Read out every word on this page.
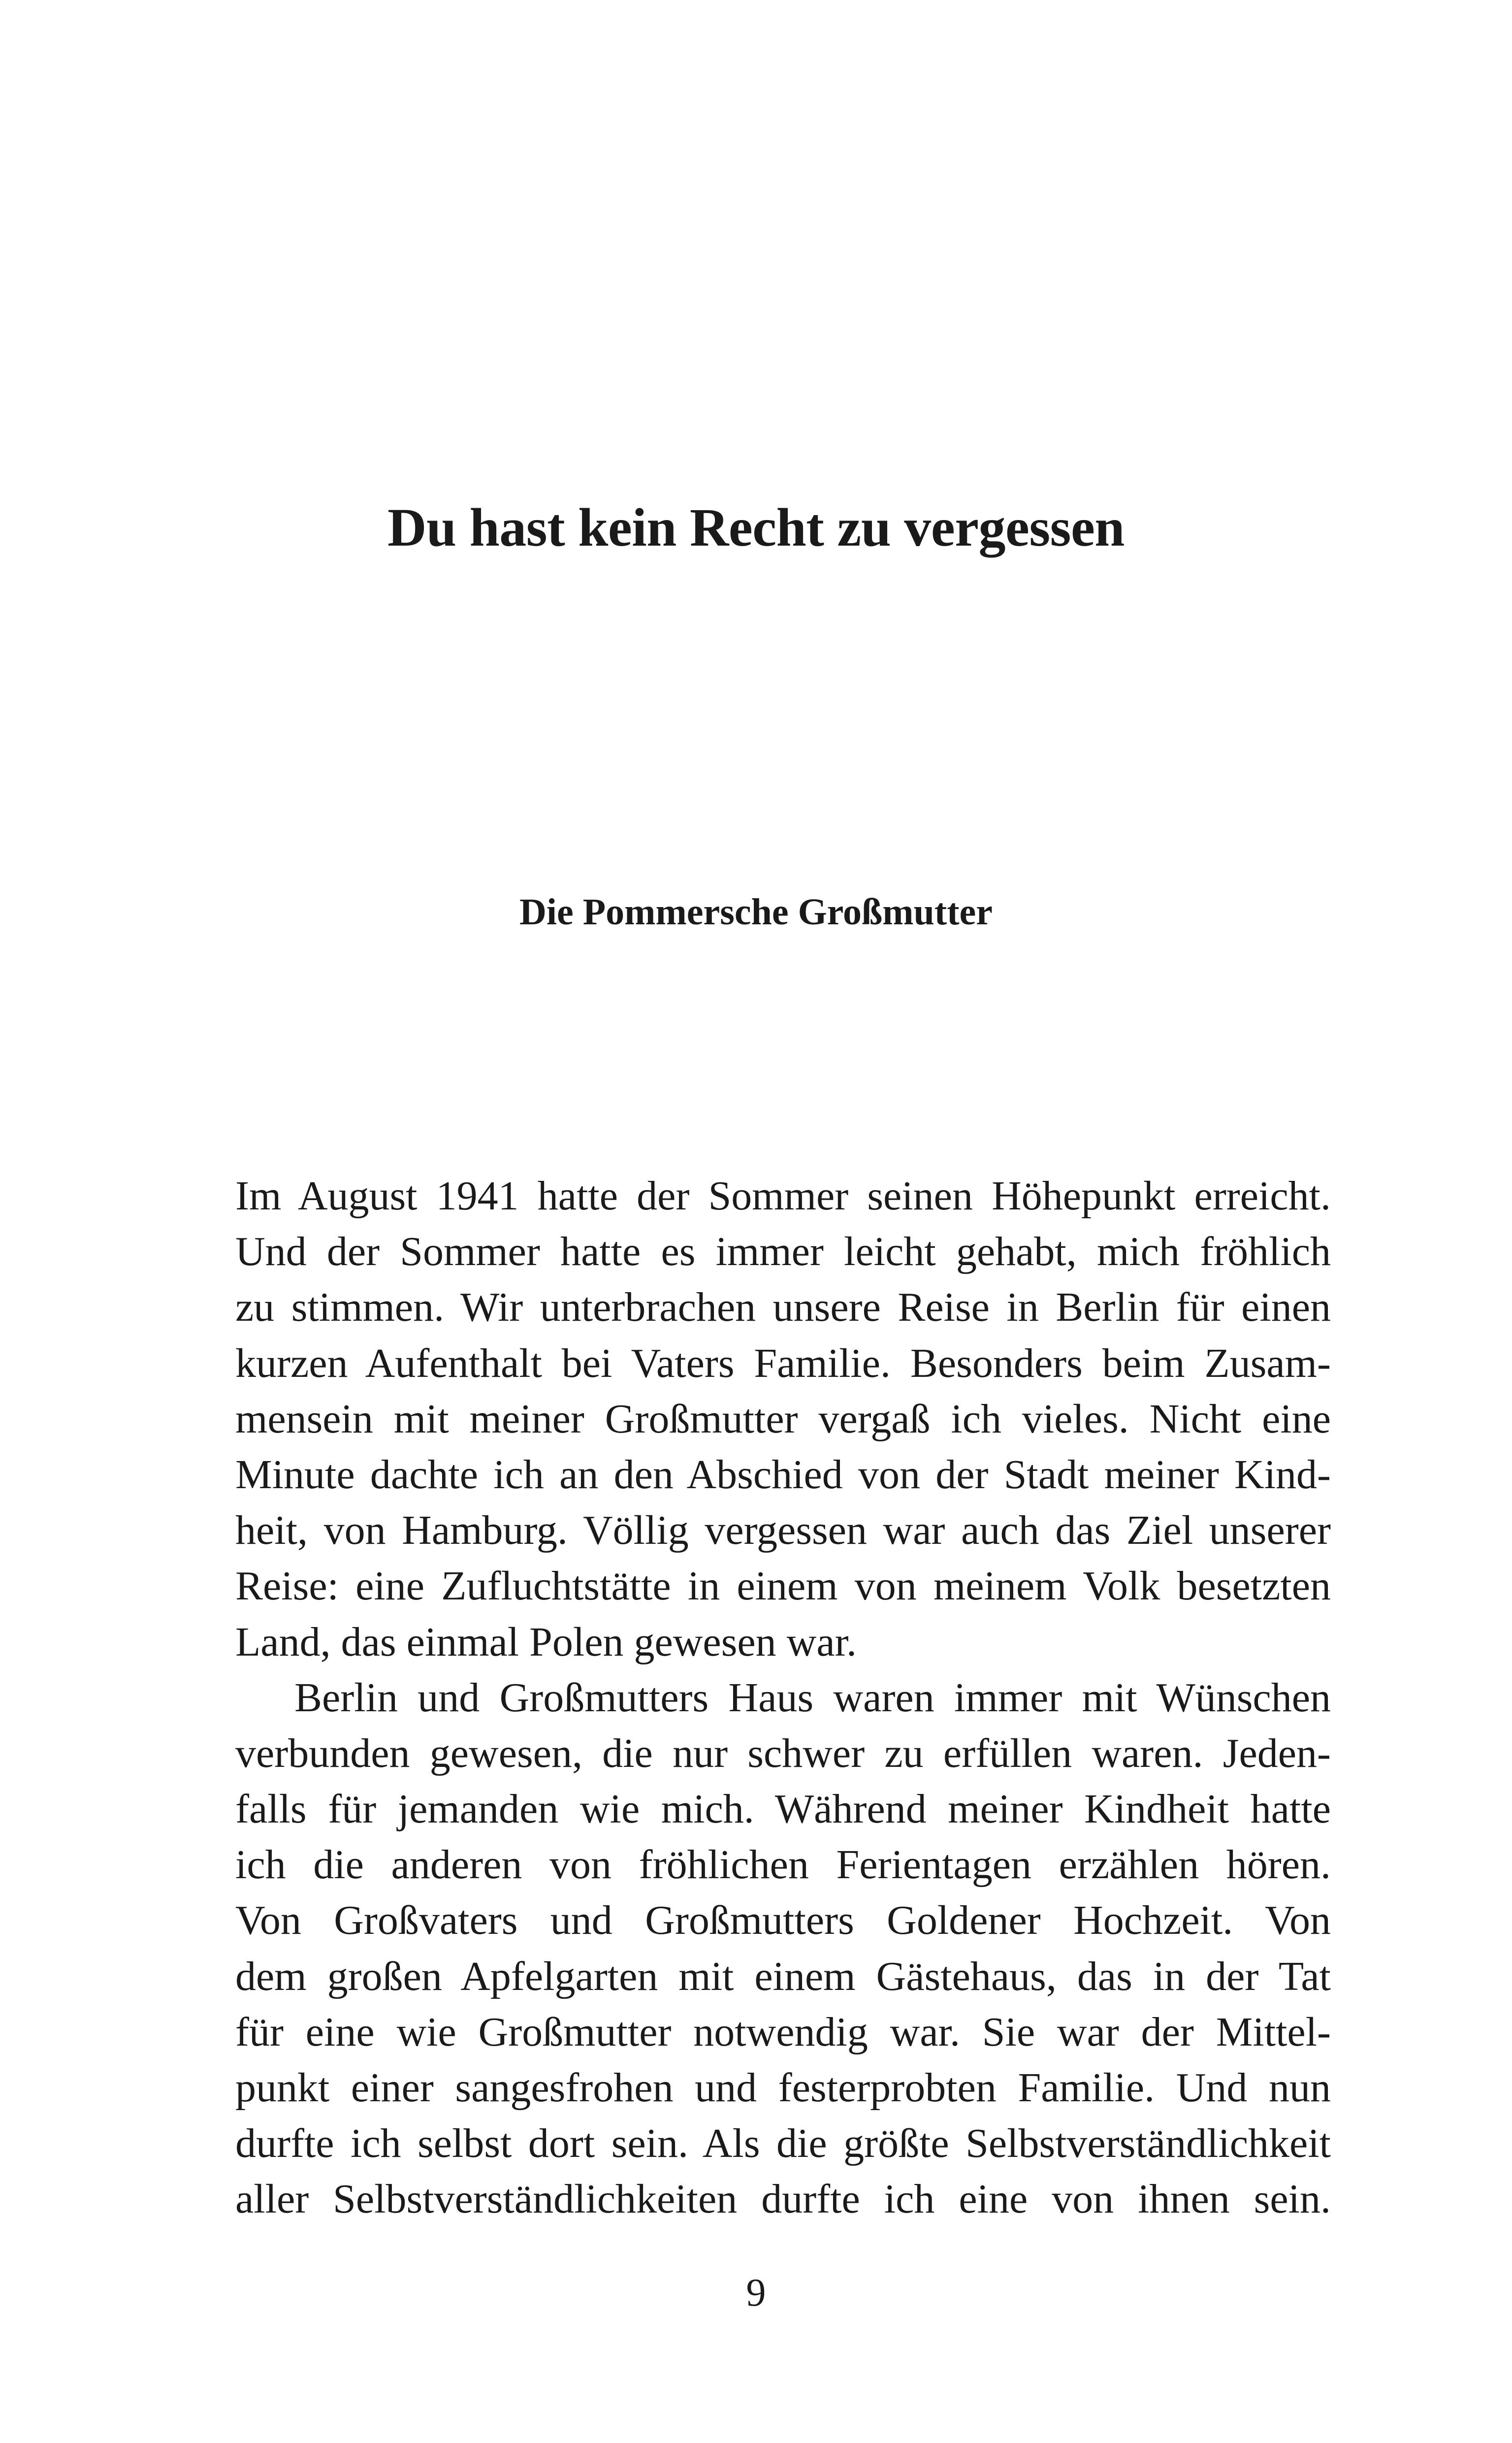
Du hast kein Recht zu vergessen
Die Pommersche Großmutter
Im August 1941 hatte der Sommer seinen Höhepunkt erreicht.
Und der Sommer hatte es immer leicht gehabt, mich fröhlich
zu stimmen. Wir unterbrachen unsere Reise in Berlin für einen
kurzen Aufenthalt bei Vaters Familie. Besonders beim Zusam-
mensein mit meiner Großmutter vergaß ich vieles. Nicht eine
Minute dachte ich an den Abschied von der Stadt meiner Kind-
heit, von Hamburg. Völlig vergessen war auch das Ziel unserer
Reise: eine Zufluchtstätte in einem von meinem Volk besetzten
Land, das einmal Polen gewesen war.
Berlin und Großmutters Haus waren immer mit Wünschen
verbunden gewesen, die nur schwer zu erfüllen waren. Jeden-
falls für jemanden wie mich. Während meiner Kindheit hatte
ich die anderen von fröhlichen Ferientagen erzählen hören.
Von Großvaters und Großmutters Goldener Hochzeit. Von
dem großen Apfelgarten mit einem Gästehaus, das in der Tat
für eine wie Großmutter notwendig war. Sie war der Mittel-
punkt einer sangesfrohen und festerprobten Familie. Und nun
durfte ich selbst dort sein. Als die größte Selbstverständlichkeit
aller Selbstverständlichkeiten durfte ich eine von ihnen sein.
9
